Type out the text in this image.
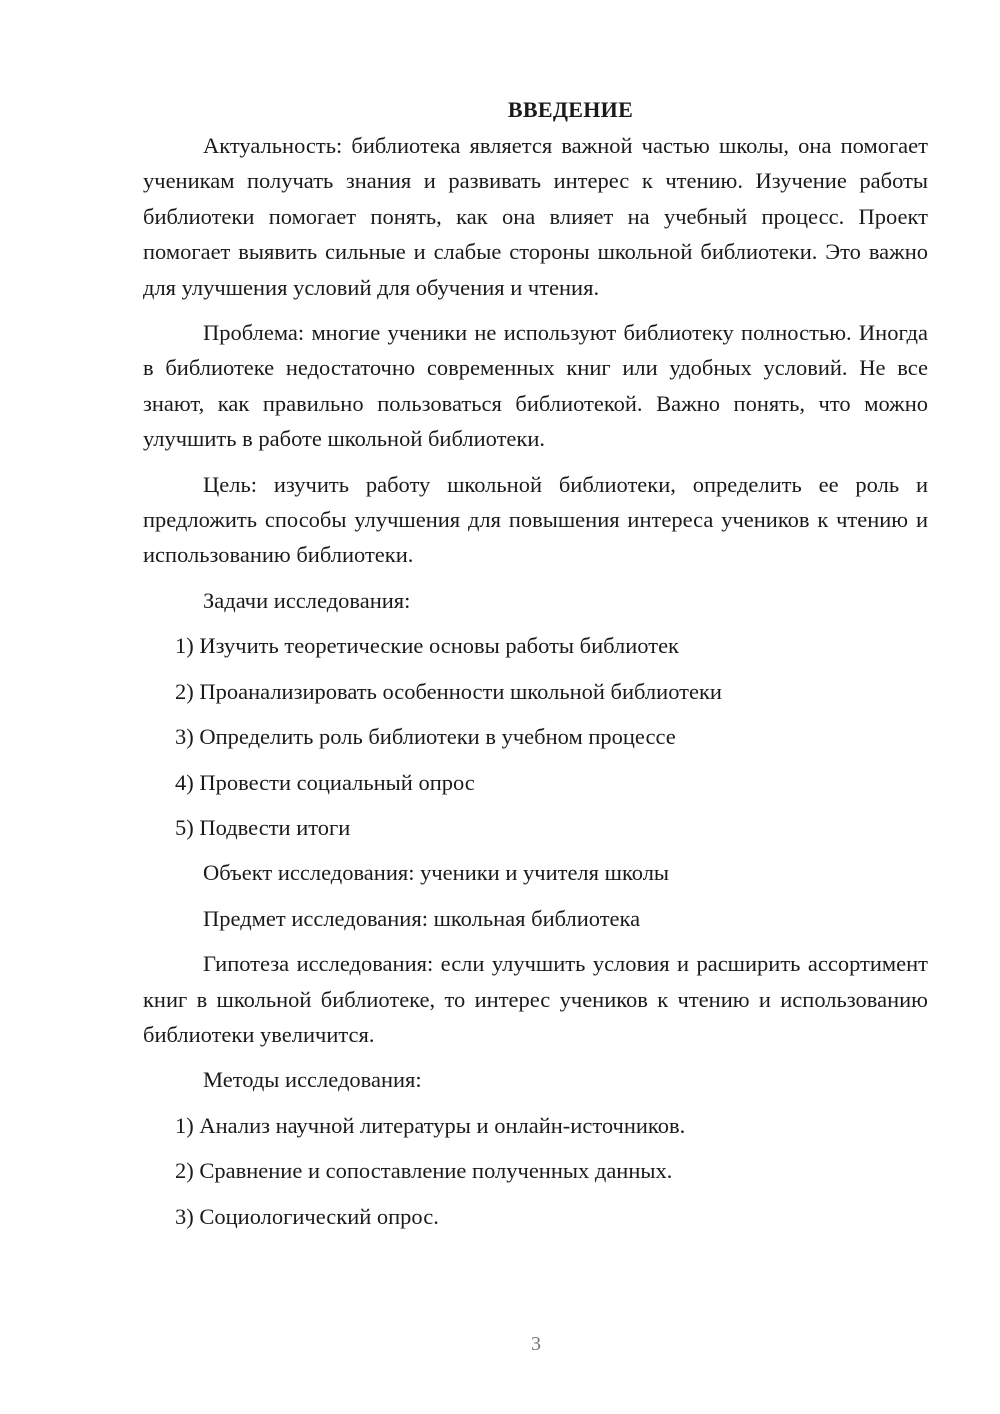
ВВЕДЕНИЕ

Актуальность: библиотека является важной частью школы, она помогает ученикам получать знания и развивать интерес к чтению. Изучение работы библиотеки помогает понять, как она влияет на учебный процесс. Проект помогает выявить сильные и слабые стороны школьной библиотеки. Это важно для улучшения условий для обучения и чтения.

Проблема: многие ученики не используют библиотеку полностью. Иногда в библиотеке недостаточно современных книг или удобных условий. Не все знают, как правильно пользоваться библиотекой. Важно понять, что можно улучшить в работе школьной библиотеки.

Цель: изучить работу школьной библиотеки, определить ее роль и предложить способы улучшения для повышения интереса учеников к чтению и использованию библиотеки.

Задачи исследования:
1) Изучить теоретические основы работы библиотек
2) Проанализировать особенности школьной библиотеки
3) Определить роль библиотеки в учебном процессе
4) Провести социальный опрос
5) Подвести итоги
Объект исследования: ученики и учителя школы
Предмет исследования: школьная библиотека

Гипотеза исследования: если улучшить условия и расширить ассортимент книг в школьной библиотеке, то интерес учеников к чтению и использованию библиотеки увеличится.

Методы исследования:
1) Анализ научной литературы и онлайн-источников.
2) Сравнение и сопоставление полученных данных.
3) Социологический опрос.
3
